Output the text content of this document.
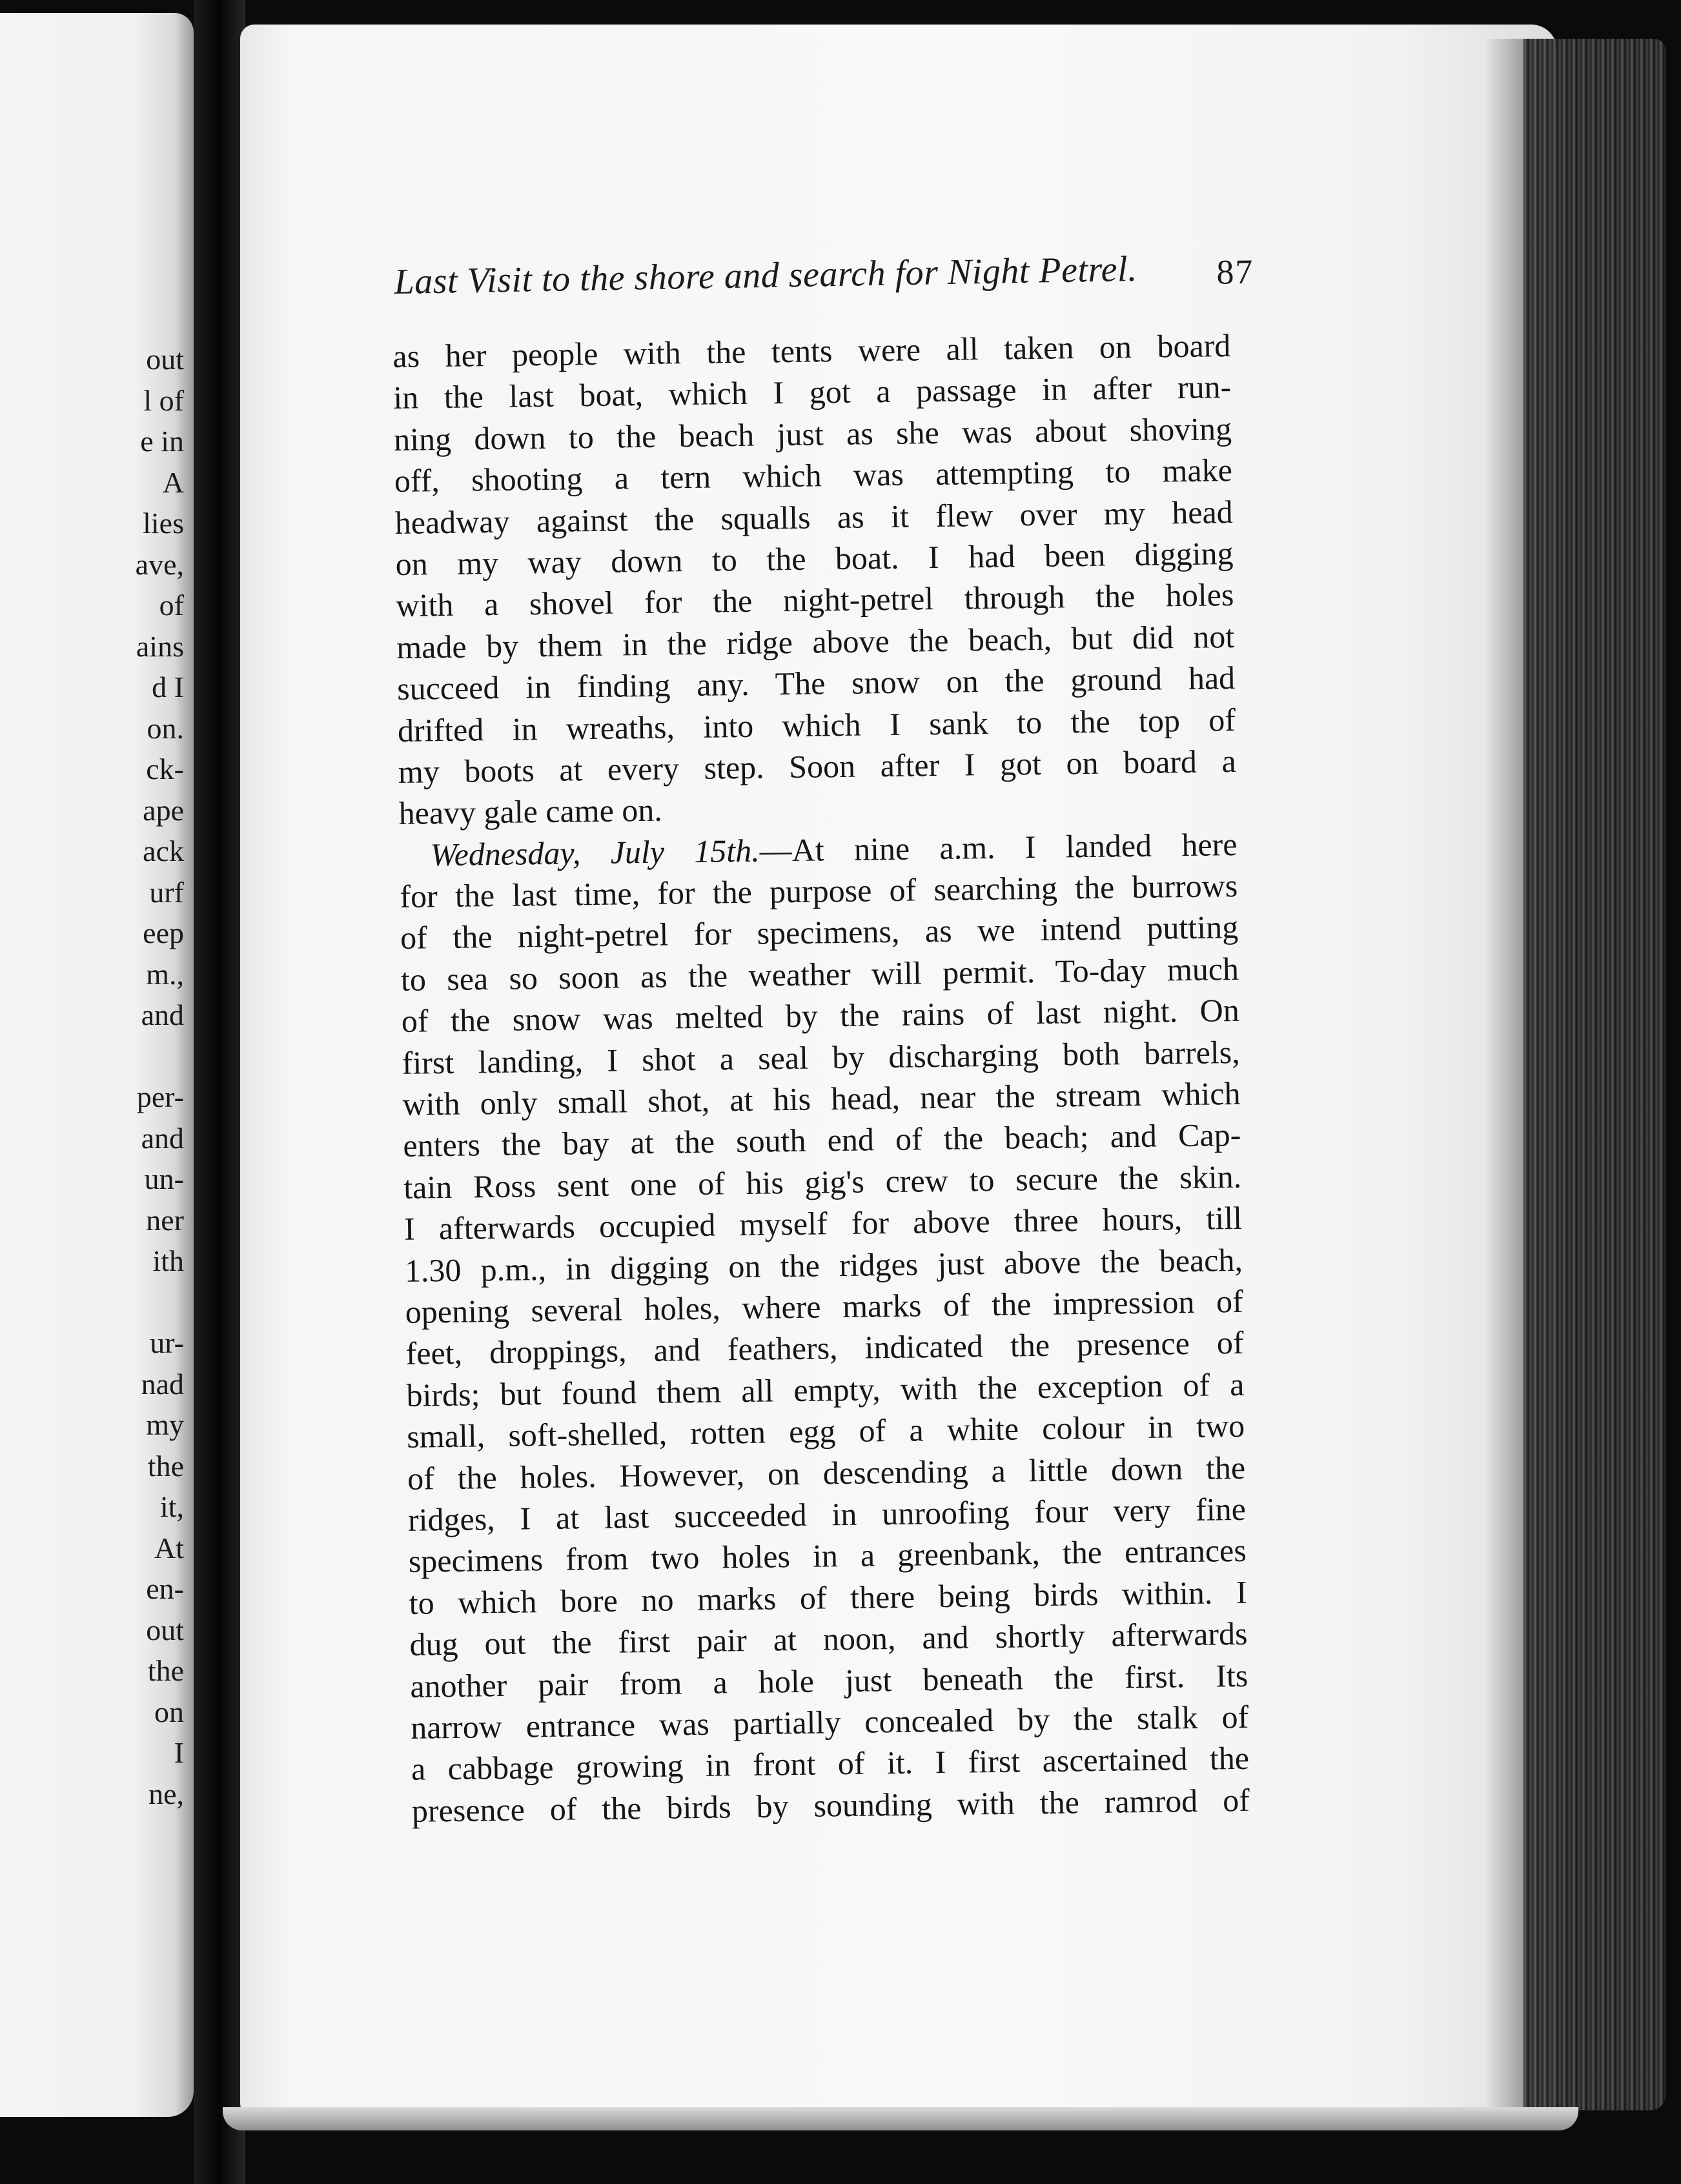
out
l of
e in
A
lies
ave,
of
ains
d I
on.
ck-
ape
ack
urf
eep
m.,
and
per-
and
un-
ner
ith
ur-
nad
my
the
it,
At
en-
out
the
on
I
ne,
Last Visit to the shore and search for Night Petrel. 87
as her people with the tents were all taken on board
in the last boat, which I got a passage in after run-
ning down to the beach just as she was about shoving
off, shooting a tern which was attempting to make
headway against the squalls as it flew over my head
on my way down to the boat. I had been digging
with a shovel for the night-petrel through the holes
made by them in the ridge above the beach, but did not
succeed in finding any. The snow on the ground had
drifted in wreaths, into which I sank to the top of
my boots at every step. Soon after I got on board a
heavy gale came on.
Wednesday, July 15th.—At nine a.m. I landed here
for the last time, for the purpose of searching the burrows
of the night-petrel for specimens, as we intend putting
to sea so soon as the weather will permit. To-day much
of the snow was melted by the rains of last night. On
first landing, I shot a seal by discharging both barrels,
with only small shot, at his head, near the stream which
enters the bay at the south end of the beach; and Cap-
tain Ross sent one of his gig's crew to secure the skin.
I afterwards occupied myself for above three hours, till
1.30 p.m., in digging on the ridges just above the beach,
opening several holes, where marks of the impression of
feet, droppings, and feathers, indicated the presence of
birds; but found them all empty, with the exception of a
small, soft-shelled, rotten egg of a white colour in two
of the holes. However, on descending a little down the
ridges, I at last succeeded in unroofing four very fine
specimens from two holes in a greenbank, the entrances
to which bore no marks of there being birds within. I
dug out the first pair at noon, and shortly afterwards
another pair from a hole just beneath the first. Its
narrow entrance was partially concealed by the stalk of
a cabbage growing in front of it. I first ascertained the
presence of the birds by sounding with the ramrod of
